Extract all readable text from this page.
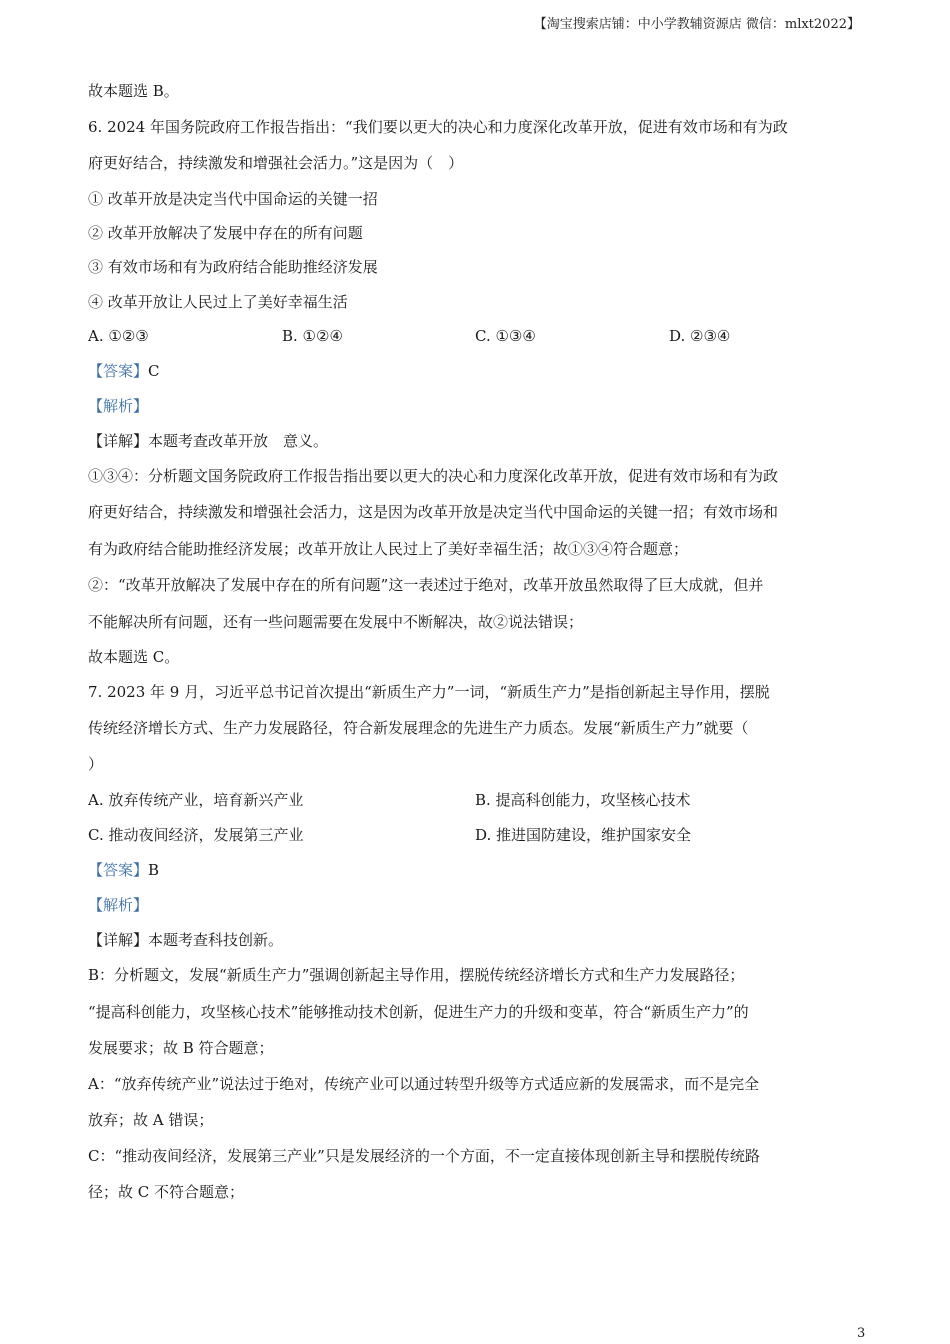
【淘宝搜索店铺：中小学教辅资源店 微信：mlxt2022】
故本题选 B。
6. 2024 年国务院政府工作报告指出：“我们要以更大的决心和力度深化改革开放，促进有效市场和有为政
府更好结合，持续激发和增强社会活力。”这是因为（　）
① 改革开放是决定当代中国命运的关键一招
② 改革开放解决了发展中存在的所有问题
③ 有效市场和有为政府结合能助推经济发展
④ 改革开放让人民过上了美好幸福生活
A. ①②③	B. ①②④	C. ①③④	D. ②③④
【答案】C
【解析】
【详解】本题考查改革开放　意义。
①③④：分析题文国务院政府工作报告指出要以更大的决心和力度深化改革开放，促进有效市场和有为政
府更好结合，持续激发和增强社会活力，这是因为改革开放是决定当代中国命运的关键一招；有效市场和
有为政府结合能助推经济发展；改革开放让人民过上了美好幸福生活；故①③④符合题意；
②：“改革开放解决了发展中存在的所有问题”这一表述过于绝对，改革开放虽然取得了巨大成就，但并
不能解决所有问题，还有一些问题需要在发展中不断解决，故②说法错误；
故本题选 C。
7. 2023 年 9 月，习近平总书记首次提出“新质生产力”一词，“新质生产力”是指创新起主导作用，摆脱
传统经济增长方式、生产力发展路径，符合新发展理念的先进生产力质态。发展“新质生产力”就要（
）
A. 放弃传统产业，培育新兴产业	B. 提高科创能力，攻坚核心技术
C. 推动夜间经济，发展第三产业	D. 推进国防建设，维护国家安全
【答案】B
【解析】
【详解】本题考查科技创新。
B：分析题文，发展“新质生产力”强调创新起主导作用，摆脱传统经济增长方式和生产力发展路径；
“提高科创能力，攻坚核心技术”能够推动技术创新，促进生产力的升级和变革，符合“新质生产力”的
发展要求；故 B 符合题意；
A：“放弃传统产业”说法过于绝对，传统产业可以通过转型升级等方式适应新的发展需求，而不是完全
放弃；故 A 错误；
C：“推动夜间经济，发展第三产业”只是发展经济的一个方面，不一定直接体现创新主导和摆脱传统路
径；故 C 不符合题意；
3
